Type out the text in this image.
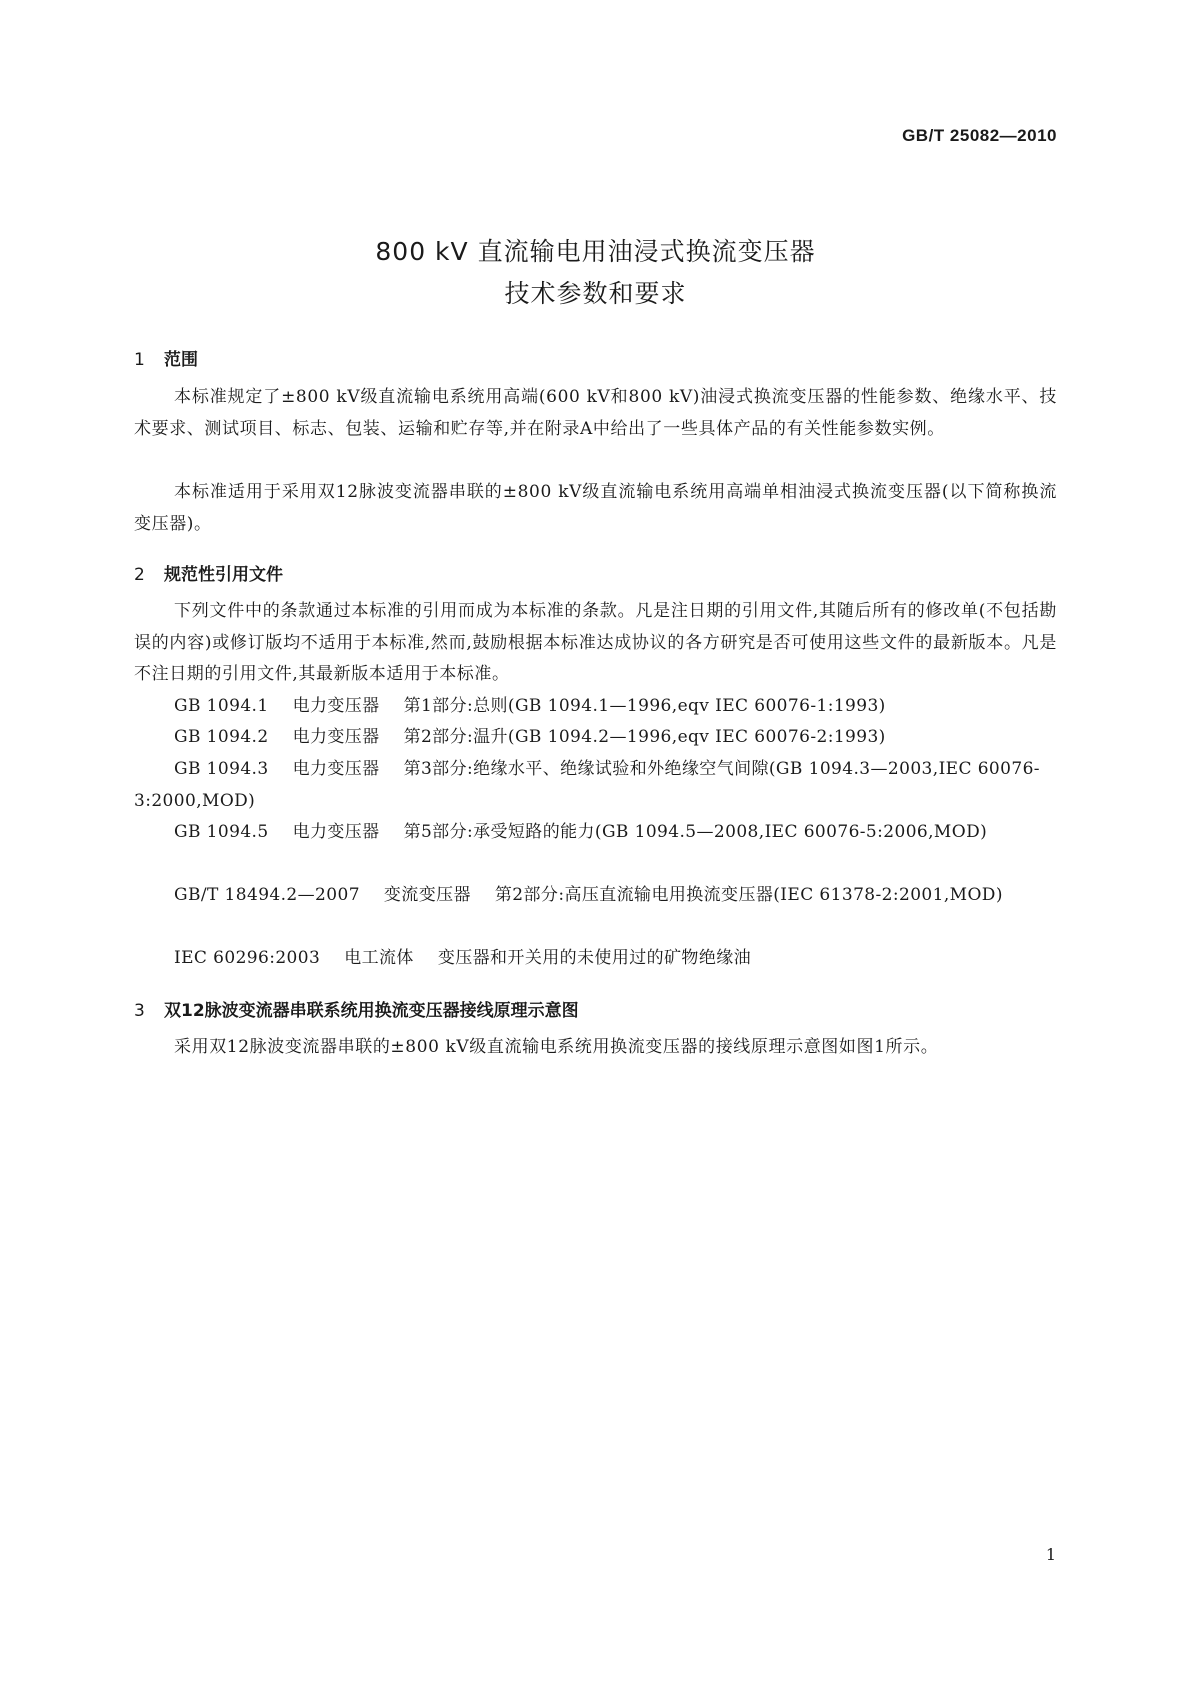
GB/T 25082—2010
800 kV 直流输电用油浸式换流变压器
技术参数和要求
1 范围
本标准规定了±800 kV级直流输电系统用高端(600 kV和800 kV)油浸式换流变压器的性能参数、绝缘水平、技术要求、测试项目、标志、包装、运输和贮存等,并在附录A中给出了一些具体产品的有关性能参数实例。
本标准适用于采用双12脉波变流器串联的±800 kV级直流输电系统用高端单相油浸式换流变压器(以下简称换流变压器)。
2 规范性引用文件
下列文件中的条款通过本标准的引用而成为本标准的条款。凡是注日期的引用文件,其随后所有的修改单(不包括勘误的内容)或修订版均不适用于本标准,然而,鼓励根据本标准达成协议的各方研究是否可使用这些文件的最新版本。凡是不注日期的引用文件,其最新版本适用于本标准。
GB 1094.1 电力变压器 第1部分:总则(GB 1094.1—1996,eqv IEC 60076-1:1993)
GB 1094.2 电力变压器 第2部分:温升(GB 1094.2—1996,eqv IEC 60076-2:1993)
GB 1094.3 电力变压器 第3部分:绝缘水平、绝缘试验和外绝缘空气间隙(GB 1094.3—2003,IEC 60076-3:2000,MOD)
GB 1094.5 电力变压器 第5部分:承受短路的能力(GB 1094.5—2008,IEC 60076-5:2006,MOD)
GB/T 18494.2—2007 变流变压器 第2部分:高压直流输电用换流变压器(IEC 61378-2:2001,MOD)
IEC 60296:2003 电工流体 变压器和开关用的未使用过的矿物绝缘油
3 双12脉波变流器串联系统用换流变压器接线原理示意图
采用双12脉波变流器串联的±800 kV级直流输电系统用换流变压器的接线原理示意图如图1所示。
1
